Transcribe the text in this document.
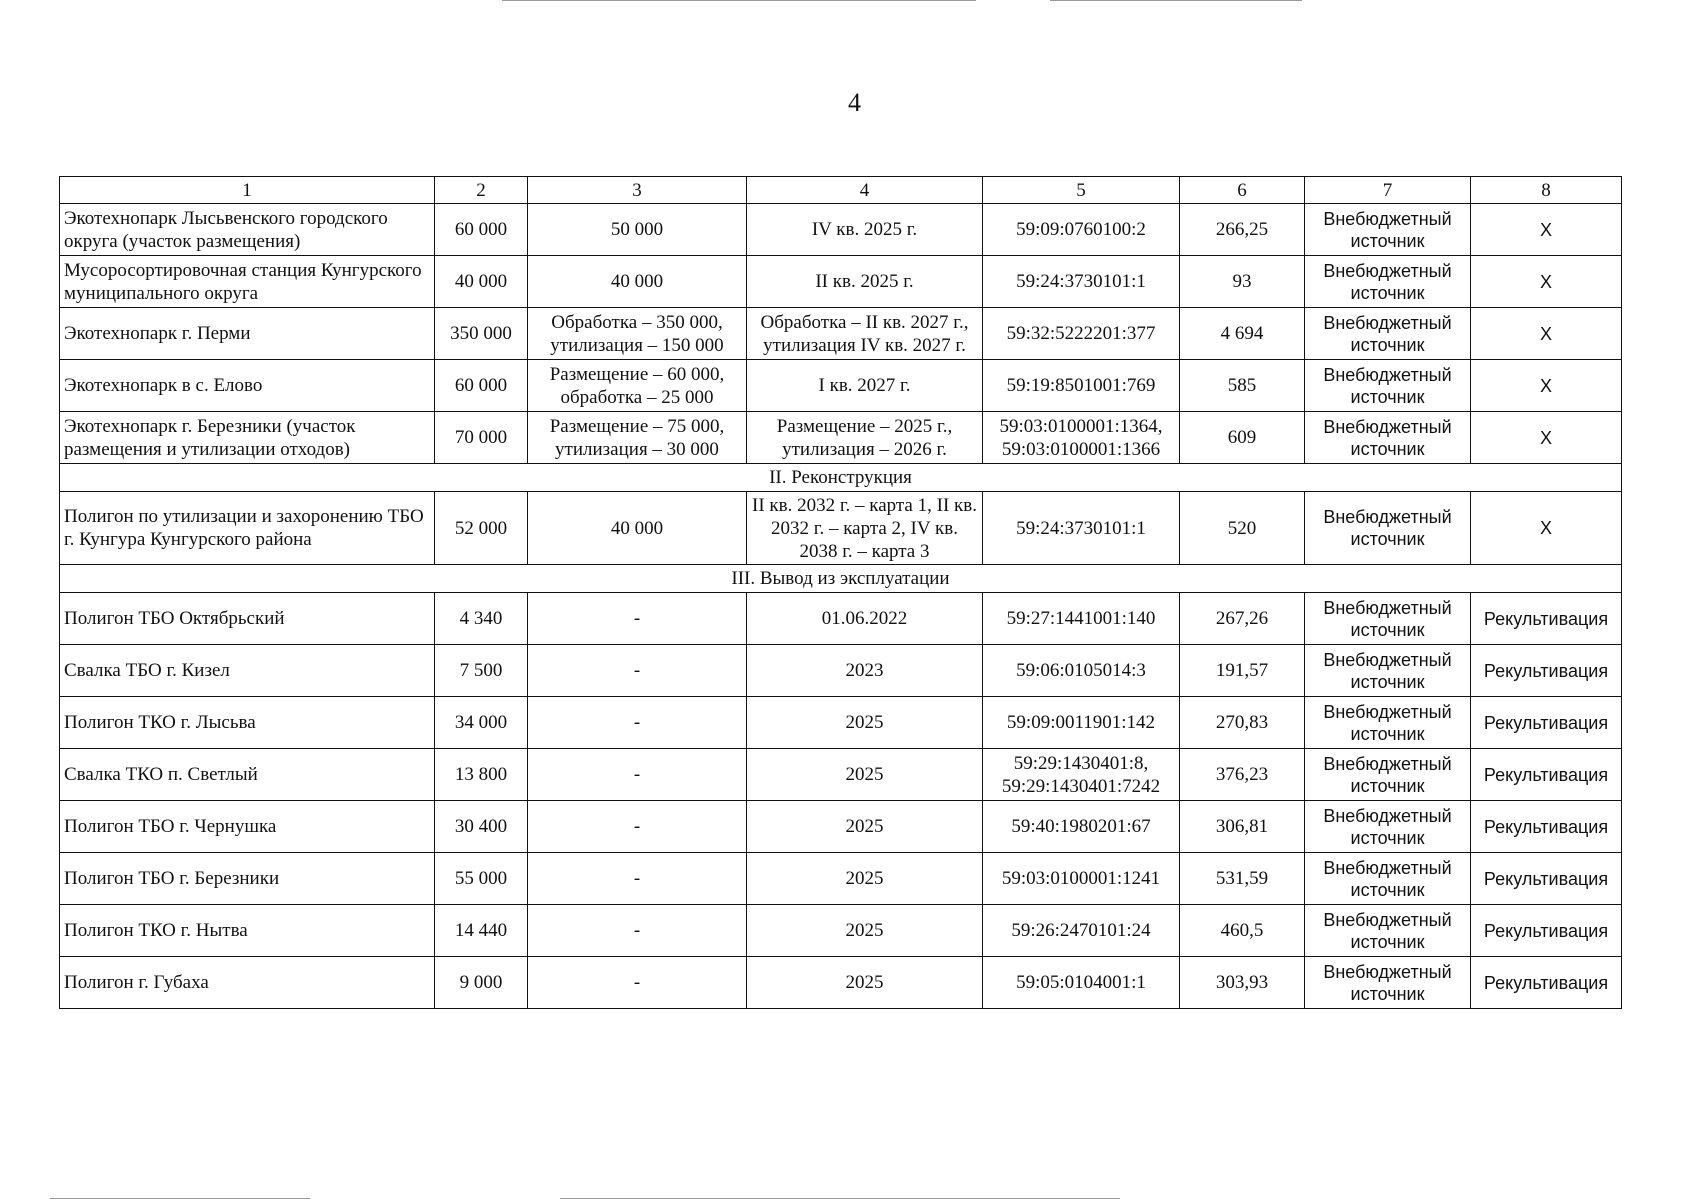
4
1	2	3	4	5	6	7	8
Экотехнопарк Лысьвенского городского округа (участок размещения)	60 000	50 000	IV кв. 2025 г.	59:09:0760100:2	266,25	Внебюджетный источник	Х
Мусоросортировочная станция Кунгурского муниципального округа	40 000	40 000	II кв. 2025 г.	59:24:3730101:1	93	Внебюджетный источник	Х
Экотехнопарк г. Перми	350 000	Обработка – 350 000, утилизация – 150 000	Обработка – II кв. 2027 г., утилизация IV кв. 2027 г.	59:32:5222201:377	4 694	Внебюджетный источник	Х
Экотехнопарк в с. Елово	60 000	Размещение – 60 000, обработка – 25 000	I кв. 2027 г.	59:19:8501001:769	585	Внебюджетный источник	Х
Экотехнопарк г. Березники (участок размещения и утилизации отходов)	70 000	Размещение – 75 000, утилизация – 30 000	Размещение – 2025 г., утилизация – 2026 г.	59:03:0100001:1364, 59:03:0100001:1366	609	Внебюджетный источник	Х
II. Реконструкция							
Полигон по утилизации и захоронению ТБО г. Кунгура Кунгурского района	52 000	40 000	II кв. 2032 г. – карта 1, II кв. 2032 г. – карта 2, IV кв. 2038 г. – карта 3	59:24:3730101:1	520	Внебюджетный источник	Х
III. Вывод из эксплуатации							
Полигон ТБО Октябрьский	4 340	-	01.06.2022	59:27:1441001:140	267,26	Внебюджетный источник	Рекультивация
Свалка ТБО г. Кизел	7 500	-	2023	59:06:0105014:3	191,57	Внебюджетный источник	Рекультивация
Полигон ТКО г. Лысьва	34 000	-	2025	59:09:0011901:142	270,83	Внебюджетный источник	Рекультивация
Свалка ТКО п. Светлый	13 800	-	2025	59:29:1430401:8, 59:29:1430401:7242	376,23	Внебюджетный источник	Рекультивация
Полигон ТБО г. Чернушка	30 400	-	2025	59:40:1980201:67	306,81	Внебюджетный источник	Рекультивация
Полигон ТБО г. Березники	55 000	-	2025	59:03:0100001:1241	531,59	Внебюджетный источник	Рекультивация
Полигон ТКО г. Нытва	14 440	-	2025	59:26:2470101:24	460,5	Внебюджетный источник	Рекультивация
Полигон г. Губаха	9 000	-	2025	59:05:0104001:1	303,93	Внебюджетный источник	Рекультивация
